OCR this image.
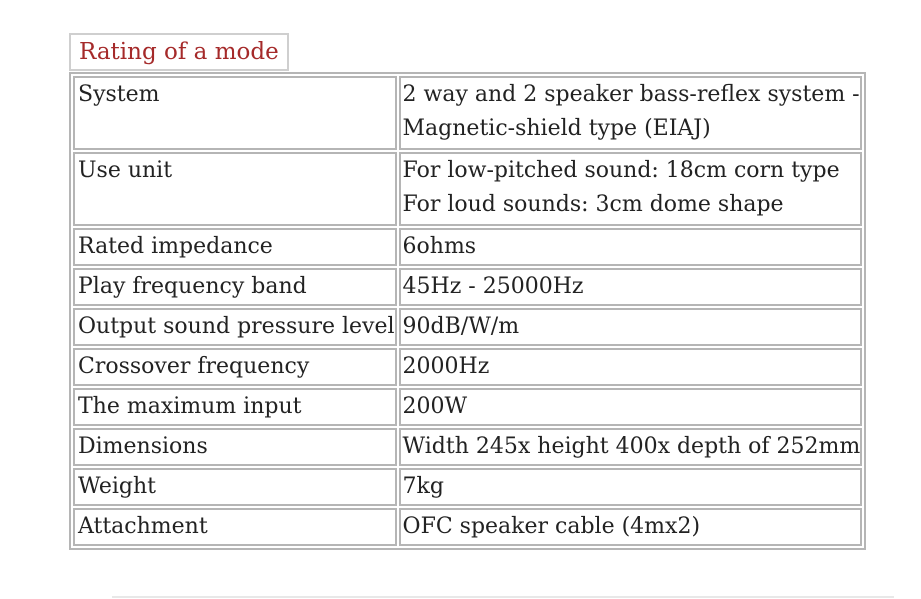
Rating of a mode
System	2 way and 2 speaker bass-reflex system -
Magnetic-shield type (EIAJ)

Use unit	For low-pitched sound: 18cm corn type
For loud sounds: 3cm dome shape

Rated impedance	6ohms
Play frequency band	45Hz - 25000Hz
Output sound pressure level	90dB/W/m
Crossover frequency	2000Hz
The maximum input	200W
Dimensions	Width 245x height 400x depth of 252mm
Weight	7kg
Attachment	OFC speaker cable (4mx2)
